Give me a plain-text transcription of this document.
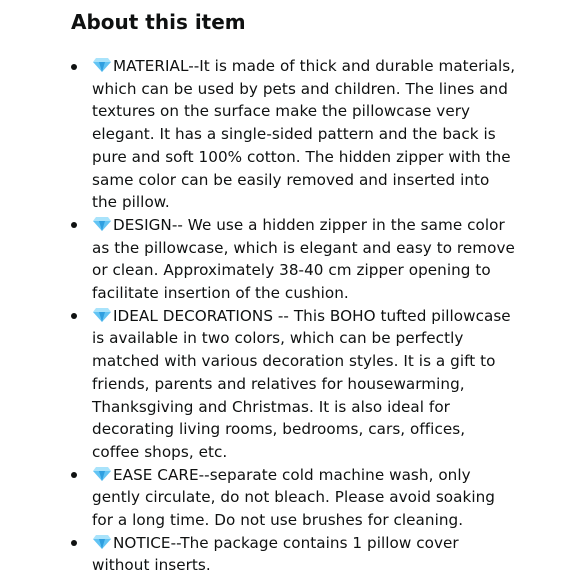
About this item
MATERIAL--It is made of thick and durable materials, which can be used by pets and children. The lines and textures on the surface make the pillowcase very elegant. It has a single-sided pattern and the back is pure and soft 100% cotton. The hidden zipper with the same color can be easily removed and inserted into the pillow.
DESIGN-- We use a hidden zipper in the same color as the pillowcase, which is elegant and easy to remove or clean. Approximately 38-40 cm zipper opening to facilitate insertion of the cushion.
IDEAL DECORATIONS -- This BOHO tufted pillowcase is available in two colors, which can be perfectly matched with various decoration styles. It is a gift to friends, parents and relatives for housewarming, Thanksgiving and Christmas. It is also ideal for decorating living rooms, bedrooms, cars, offices, coffee shops, etc.
EASE CARE--separate cold machine wash, only gently circulate, do not bleach. Please avoid soaking for a long time. Do not use brushes for cleaning.
NOTICE--The package contains 1 pillow cover without inserts.
